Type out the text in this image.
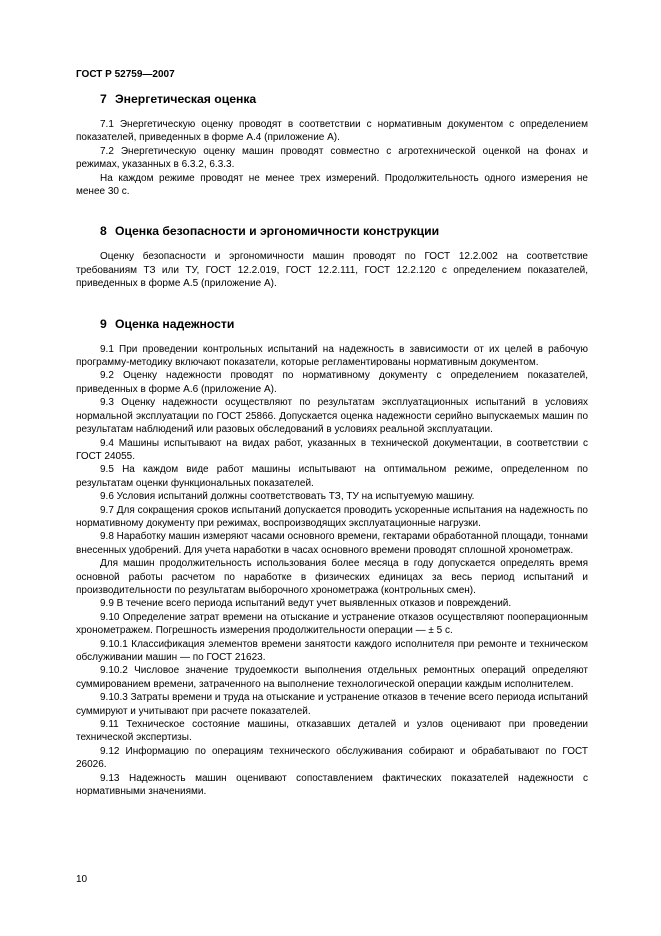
ГОСТ Р 52759—2007
7 Энергетическая оценка

7.1 Энергетическую оценку проводят в соответствии с нормативным документом с определением показателей, приведенных в форме А.4 (приложение А).

7.2 Энергетическую оценку машин проводят совместно с агротехнической оценкой на фонах и режимах, указанных в 6.3.2, 6.3.3.

На каждом режиме проводят не менее трех измерений. Продолжительность одного измерения не менее 30 с.

8 Оценка безопасности и эргономичности конструкции

Оценку безопасности и эргономичности машин проводят по ГОСТ 12.2.002 на соответствие требованиям ТЗ или ТУ, ГОСТ 12.2.019, ГОСТ 12.2.111, ГОСТ 12.2.120 с определением показателей, приведенных в форме А.5 (приложение А).

9 Оценка надежности

9.1 При проведении контрольных испытаний на надежность в зависимости от их целей в рабочую программу-методику включают показатели, которые регламентированы нормативным документом.

9.2 Оценку надежности проводят по нормативному документу с определением показателей, приведенных в форме А.6 (приложение А).

9.3 Оценку надежности осуществляют по результатам эксплуатационных испытаний в условиях нормальной эксплуатации по ГОСТ 25866. Допускается оценка надежности серийно выпускаемых машин по результатам наблюдений или разовых обследований в условиях реальной эксплуатации.

9.4 Машины испытывают на видах работ, указанных в технической документации, в соответствии с ГОСТ 24055.

9.5 На каждом виде работ машины испытывают на оптимальном режиме, определенном по результатам оценки функциональных показателей.

9.6 Условия испытаний должны соответствовать ТЗ, ТУ на испытуемую машину.

9.7 Для сокращения сроков испытаний допускается проводить ускоренные испытания на надежность по нормативному документу при режимах, воспроизводящих эксплуатационные нагрузки.

9.8 Наработку машин измеряют часами основного времени, гектарами обработанной площади, тоннами внесенных удобрений. Для учета наработки в часах основного времени проводят сплошной хронометраж.

Для машин продолжительность использования более месяца в году допускается определять время основной работы расчетом по наработке в физических единицах за весь период испытаний и производительности по результатам выборочного хронометража (контрольных смен).

9.9 В течение всего периода испытаний ведут учет выявленных отказов и повреждений.

9.10 Определение затрат времени на отыскание и устранение отказов осуществляют пооперационным хронометражем. Погрешность измерения продолжительности операции — ± 5 с.

9.10.1 Классификация элементов времени занятости каждого исполнителя при ремонте и техническом обслуживании машин — по ГОСТ 21623.

9.10.2 Числовое значение трудоемкости выполнения отдельных ремонтных операций определяют суммированием времени, затраченного на выполнение технологической операции каждым исполнителем.

9.10.3 Затраты времени и труда на отыскание и устранение отказов в течение всего периода испытаний суммируют и учитывают при расчете показателей.

9.11 Техническое состояние машины, отказавших деталей и узлов оценивают при проведении технической экспертизы.

9.12 Информацию по операциям технического обслуживания собирают и обрабатывают по ГОСТ 26026.

9.13 Надежность машин оценивают сопоставлением фактических показателей надежности с нормативными значениями.

10
